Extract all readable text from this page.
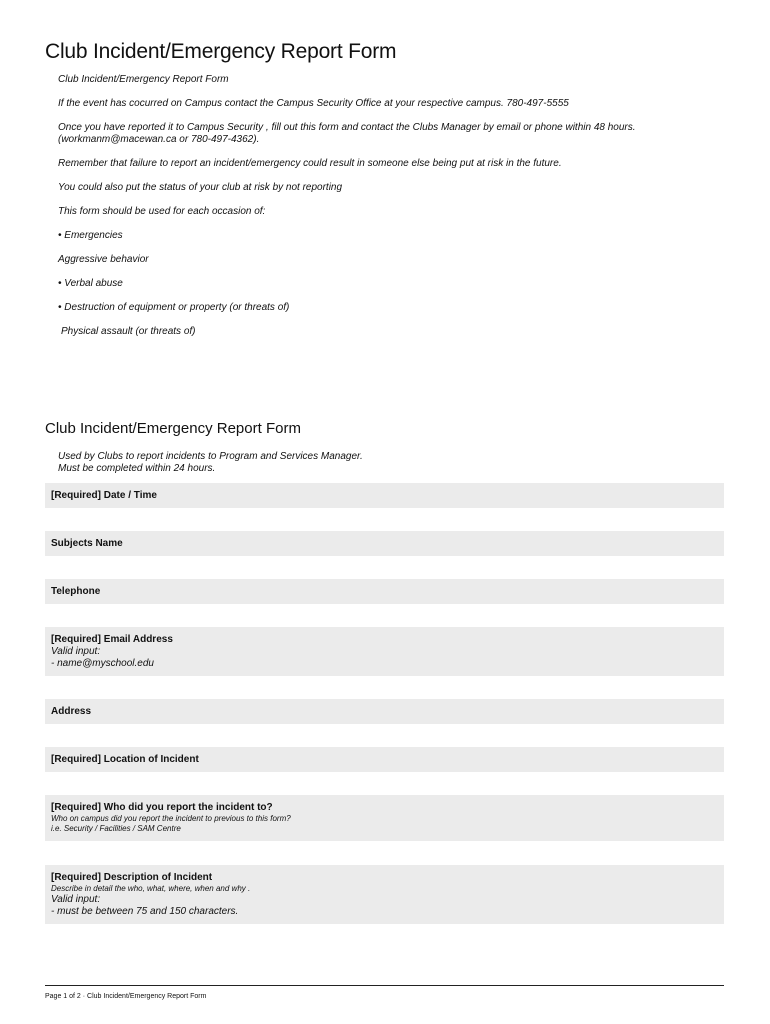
Club Incident/Emergency Report Form

Club Incident/Emergency Report Form

If the event has cocurred on Campus contact the Campus Security Office at your respective campus. 780-497-5555

Once you have reported it to Campus Security , fill out this form and contact the Clubs Manager by email or phone within 48 hours.
(workmanm@macewan.ca or 780-497-4362).

Remember that failure to report an incident/emergency could result in someone else being put at risk in the future.

You could also put the status of your club at risk by not reporting

This form should be used for each occasion of:

• Emergencies

Aggressive behavior

• Verbal abuse

• Destruction of equipment or property (or threats of)

Physical assault (or threats of)

Club Incident/Emergency Report Form
Used by Clubs to report incidents to Program and Services Manager.
Must be completed within 24 hours.
[Required] Date / Time
Subjects Name
Telephone
[Required] Email Address
Valid input:
- name@myschool.edu
Address
[Required] Location of Incident
[Required] Who did you report the incident to?
Who on campus did you report the incident to previous to this form?
i.e. Security / Facilities / SAM Centre
[Required] Description of Incident
Describe in detail the who, what, where, when and why .
Valid input:
- must be between 75 and 150 characters.
Page 1 of 2 · Club Incident/Emergency Report Form
